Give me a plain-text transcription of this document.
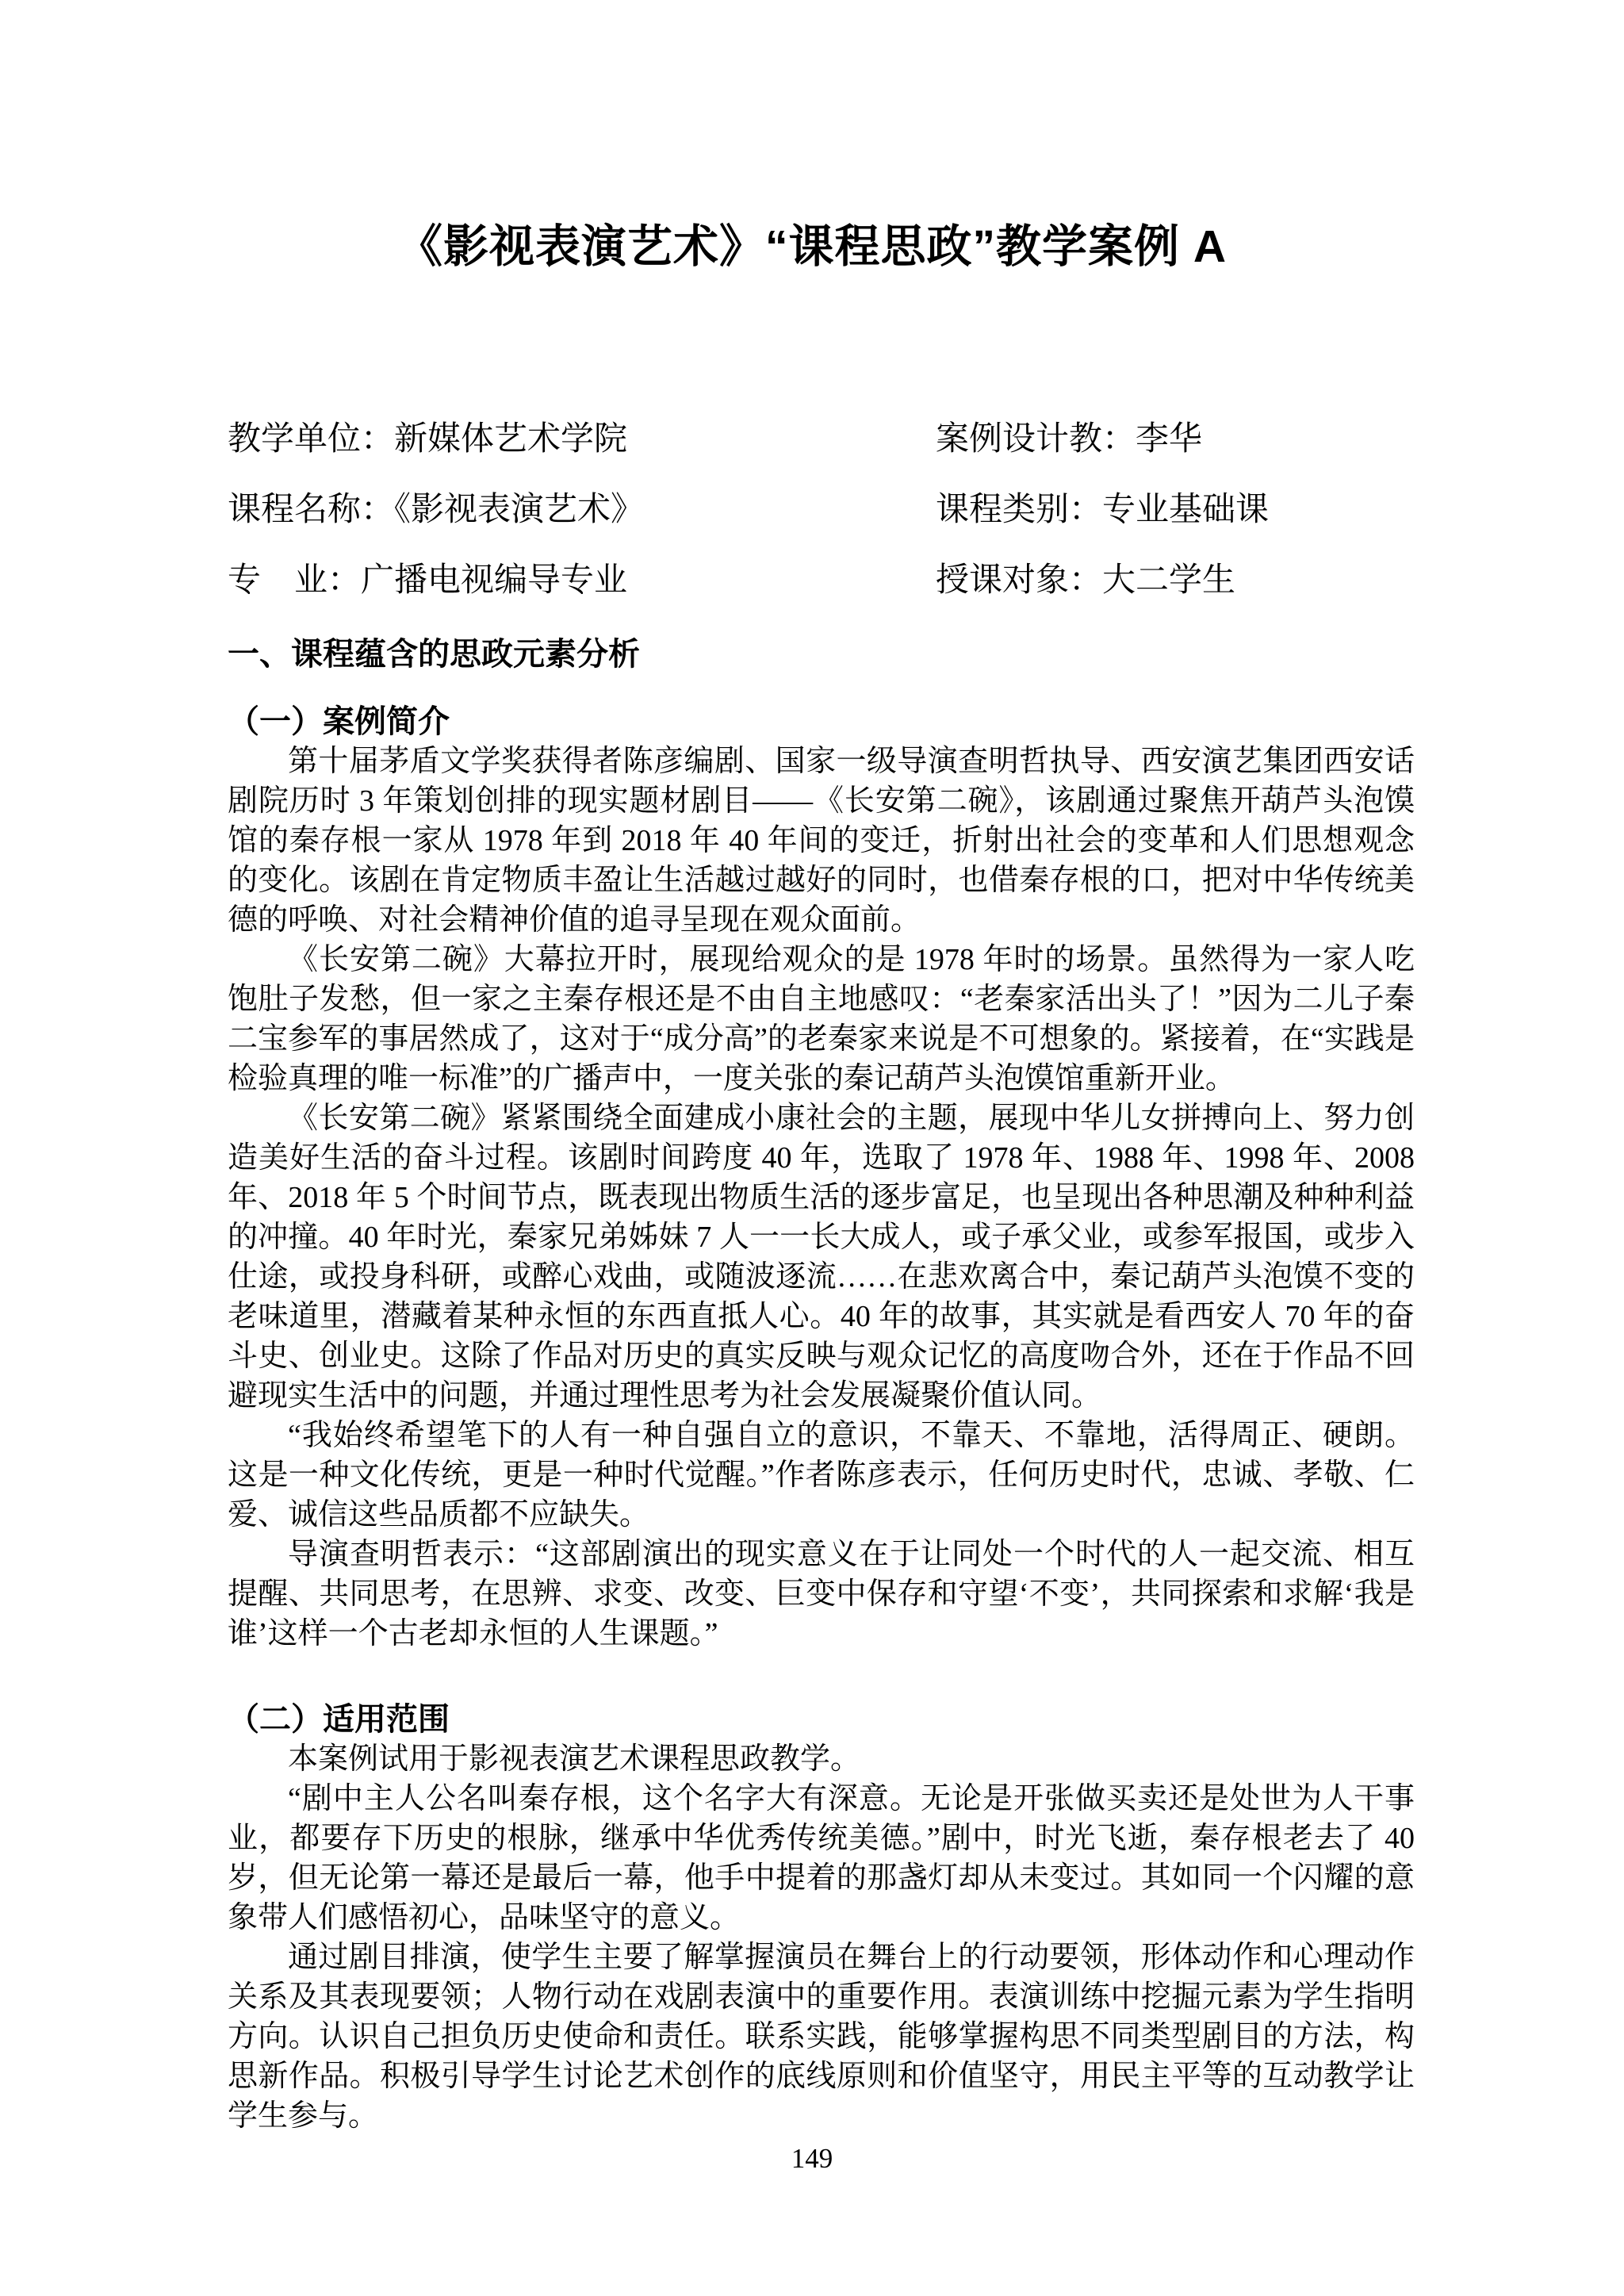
《影视表演艺术》“课程思政”教学案例 A
教学单位：新媒体艺术学院	案例设计教：李华
课程名称：《影视表演艺术》	课程类别：专业基础课
专　业：广播电视编导专业	授课对象：大二学生
一、课程蕴含的思政元素分析
（一）案例简介

第十届茅盾文学奖获得者陈彦编剧、国家一级导演查明哲执导、西安演艺集团西安话剧院历时 3 年策划创排的现实题材剧目——《长安第二碗》，该剧通过聚焦开葫芦头泡馍馆的秦存根一家从 1978 年到 2018 年 40 年间的变迁，折射出社会的变革和人们思想观念的变化。该剧在肯定物质丰盈让生活越过越好的同时，也借秦存根的口，把对中华传统美德的呼唤、对社会精神价值的追寻呈现在观众面前。

《长安第二碗》大幕拉开时，展现给观众的是 1978 年时的场景。虽然得为一家人吃饱肚子发愁，但一家之主秦存根还是不由自主地感叹：“老秦家活出头了！”因为二儿子秦二宝参军的事居然成了，这对于“成分高”的老秦家来说是不可想象的。紧接着，在“实践是检验真理的唯一标准”的广播声中，一度关张的秦记葫芦头泡馍馆重新开业。

《长安第二碗》紧紧围绕全面建成小康社会的主题，展现中华儿女拼搏向上、努力创造美好生活的奋斗过程。该剧时间跨度 40 年，选取了 1978 年、1988 年、1998 年、2008 年、2018 年 5 个时间节点，既表现出物质生活的逐步富足，也呈现出各种思潮及种种利益的冲撞。40 年时光，秦家兄弟姊妹 7 人一一长大成人，或子承父业，或参军报国，或步入仕途，或投身科研，或醉心戏曲，或随波逐流……在悲欢离合中，秦记葫芦头泡馍不变的老味道里，潜藏着某种永恒的东西直抵人心。40 年的故事，其实就是看西安人 70 年的奋斗史、创业史。这除了作品对历史的真实反映与观众记忆的高度吻合外，还在于作品不回避现实生活中的问题，并通过理性思考为社会发展凝聚价值认同。

“我始终希望笔下的人有一种自强自立的意识，不靠天、不靠地，活得周正、硬朗。这是一种文化传统，更是一种时代觉醒。”作者陈彦表示，任何历史时代，忠诚、孝敬、仁爱、诚信这些品质都不应缺失。

导演查明哲表示：“这部剧演出的现实意义在于让同处一个时代的人一起交流、相互提醒、共同思考，在思辨、求变、改变、巨变中保存和守望‘不变’，共同探索和求解‘我是谁’这样一个古老却永恒的人生课题。”

（二）适用范围

本案例试用于影视表演艺术课程思政教学。

“剧中主人公名叫秦存根，这个名字大有深意。无论是开张做买卖还是处世为人干事业，都要存下历史的根脉，继承中华优秀传统美德。”剧中，时光飞逝，秦存根老去了 40 岁，但无论第一幕还是最后一幕，他手中提着的那盏灯却从未变过。其如同一个闪耀的意象带人们感悟初心，品味坚守的意义。

通过剧目排演，使学生主要了解掌握演员在舞台上的行动要领，形体动作和心理动作关系及其表现要领；人物行动在戏剧表演中的重要作用。表演训练中挖掘元素为学生指明方向。认识自己担负历史使命和责任。联系实践，能够掌握构思不同类型剧目的方法，构思新作品。积极引导学生讨论艺术创作的底线原则和价值坚守，用民主平等的互动教学让学生参与。

149
